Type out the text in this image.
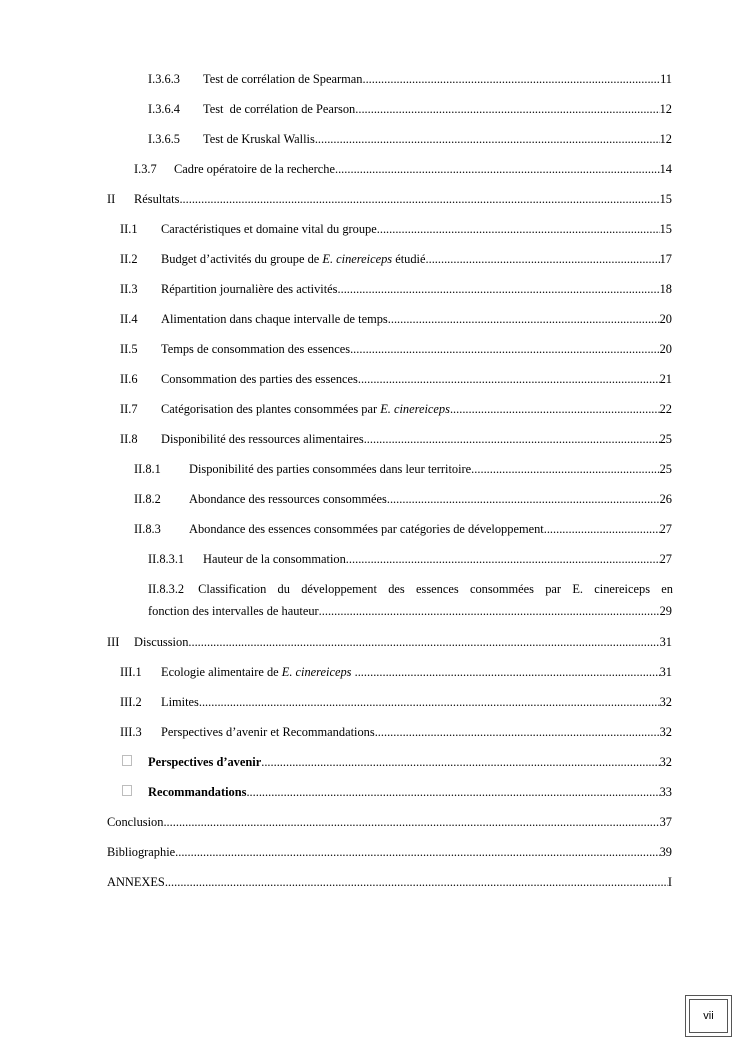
I.3.6.3	Test de corrélation de Spearman .....	11
I.3.6.4	Test  de corrélation de Pearson .....	12
I.3.6.5	Test de Kruskal Wallis .....	12
I.3.7	Cadre opératoire de la recherche .....	14
II	Résultats .....	15
II.1	Caractéristiques et domaine vital du groupe .....	15
II.2	Budget d’activités du groupe de E. cinereiceps étudié .....	17
II.3	Répartition journalière des activités .....	18
II.4	Alimentation dans chaque intervalle de temps .....	20
II.5	Temps de consommation des essences .....	20
II.6	Consommation des parties des essences .....	21
II.7	Catégorisation des plantes consommées par E. cinereiceps .....	22
II.8	Disponibilité des ressources alimentaires .....	25
II.8.1	Disponibilité des parties consommées dans leur territoire .....	25
II.8.2	Abondance des ressources consommées .....	26
II.8.3	Abondance des essences consommées par catégories de développement .....	27
II.8.3.1	Hauteur de la consommation .....	27
II.8.3.2 Classification du développement des essences consommées par E. cinereiceps en
fonction des intervalles de hauteur .....	29
III	Discussion .....	31
III.1	Ecologie alimentaire de E. cinereiceps .....	31
III.2	Limites .....	32
III.3	Perspectives d’avenir et Recommandations .....	32
Perspectives d’avenir .....	32
Recommandations .....	33
Conclusion .....	37
Bibliographie .....	39
ANNEXES .....	I
vii
